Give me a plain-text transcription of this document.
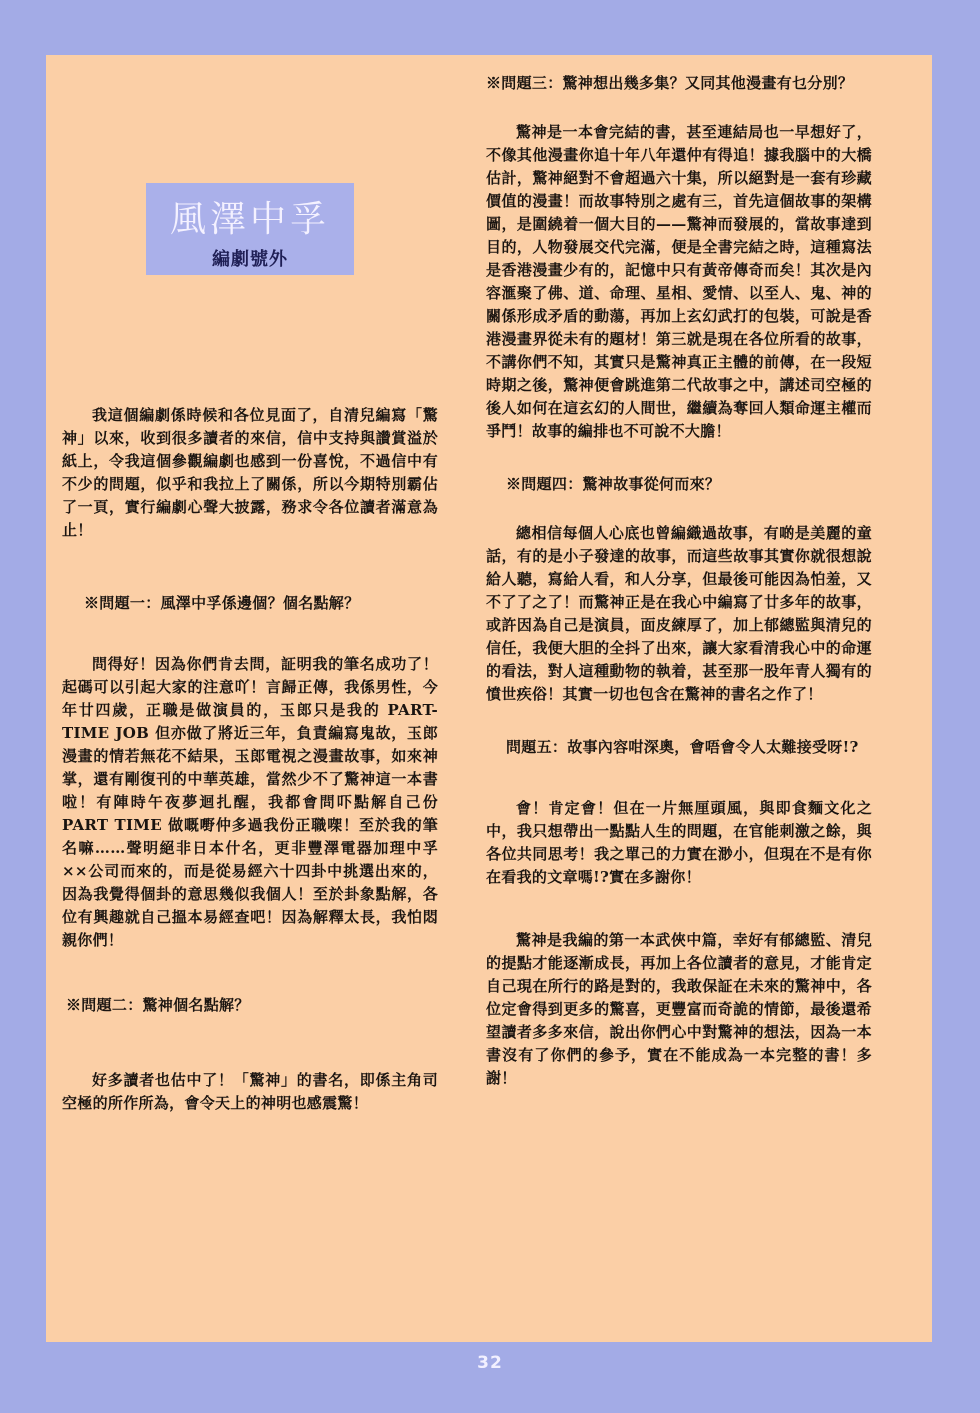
風澤中孚
編劇號外

我這個編劇係時候和各位見面了，自清兒編寫「驚神」以來，收到很多讀者的來信，信中支持與讚賞溢於紙上，令我這個參觀編劇也感到一份喜悅，不過信中有不少的問題，似乎和我拉上了關係，所以今期特別霸佔了一頁，實行編劇心聲大披露，務求令各位讀者滿意為止！

※問題一：風澤中孚係邊個？個名點解？

問得好！因為你們肯去問，証明我的筆名成功了！起碼可以引起大家的注意吖！言歸正傳，我係男性，今年廿四歲，正職是做演員的，玉郎只是我的 PART-TIME JOB 但亦做了將近三年，負責編寫鬼故，玉郎漫畫的情若無花不結果，玉郎電視之漫畫故事，如來神掌，還有剛復刊的中華英雄，當然少不了驚神這一本書啦！有陣時午夜夢迴扎醒，我都會問吓點解自己份 PART TIME 做嘅嘢仲多過我份正職㗎！至於我的筆名嘛……聲明絕非日本什名，更非豐澤電器加理中孚××公司而來的，而是從易經六十四卦中挑選出來的，因為我覺得個卦的意思幾似我個人！至於卦象點解，各位有興趣就自己搵本易經查吧！因為解釋太長，我怕悶親你們！

※問題二：驚神個名點解？

好多讀者也估中了！「驚神」的書名，即係主角司空極的所作所為，會令天上的神明也感震驚！

※問題三：驚神想出幾多集？又同其他漫畫有乜分別？

驚神是一本會完結的書，甚至連結局也一早想好了，不像其他漫畫你追十年八年還仲有得追！據我腦中的大橋估計，驚神絕對不會超過六十集，所以絕對是一套有珍藏價值的漫畫！而故事特別之處有三，首先這個故事的架構圖，是圍繞着一個大目的——驚神而發展的，當故事達到目的，人物發展交代完滿，便是全書完結之時，這種寫法是香港漫畫少有的，記憶中只有黃帝傳奇而矣！其次是內容滙聚了佛、道、命理、星相、愛情、以至人、鬼、神的關係形成矛盾的動蕩，再加上玄幻武打的包裝，可說是香港漫畫界從未有的題材！第三就是現在各位所看的故事，不講你們不知，其實只是驚神真正主體的前傳，在一段短時期之後，驚神便會跳進第二代故事之中，講述司空極的後人如何在這玄幻的人間世，繼續為奪回人類命運主權而爭鬥！故事的編排也不可說不大膽！

※問題四：驚神故事從何而來？

總相信每個人心底也曾編織過故事，有啲是美麗的童話，有的是小子發達的故事，而這些故事其實你就很想說給人聽，寫給人看，和人分享，但最後可能因為怕羞，又不了了之了！而驚神正是在我心中編寫了廿多年的故事，或許因為自己是演員，面皮練厚了，加上郁總監與清兒的信任，我便大胆的全抖了出來，讓大家看清我心中的命運的看法，對人這種動物的執着，甚至那一股年青人獨有的憤世疾俗！其實一切也包含在驚神的書名之作了！

問題五：故事內容咁深奧，會唔會令人太難接受呀!?

會！肯定會！但在一片無厘頭風，與即食麵文化之中，我只想帶出一點點人生的問題，在官能刺激之餘，與各位共同思考！我之單己的力實在渺小，但現在不是有你在看我的文章嗎!?實在多謝你！

驚神是我編的第一本武俠中篇，幸好有郁總監、清兒的提點才能逐漸成長，再加上各位讀者的意見，才能肯定自己現在所行的路是對的，我敢保証在未來的驚神中，各位定會得到更多的驚喜，更豐富而奇詭的情節，最後還希望讀者多多來信，說出你們心中對驚神的想法，因為一本書沒有了你們的參予，實在不能成為一本完整的書！多謝！

32
